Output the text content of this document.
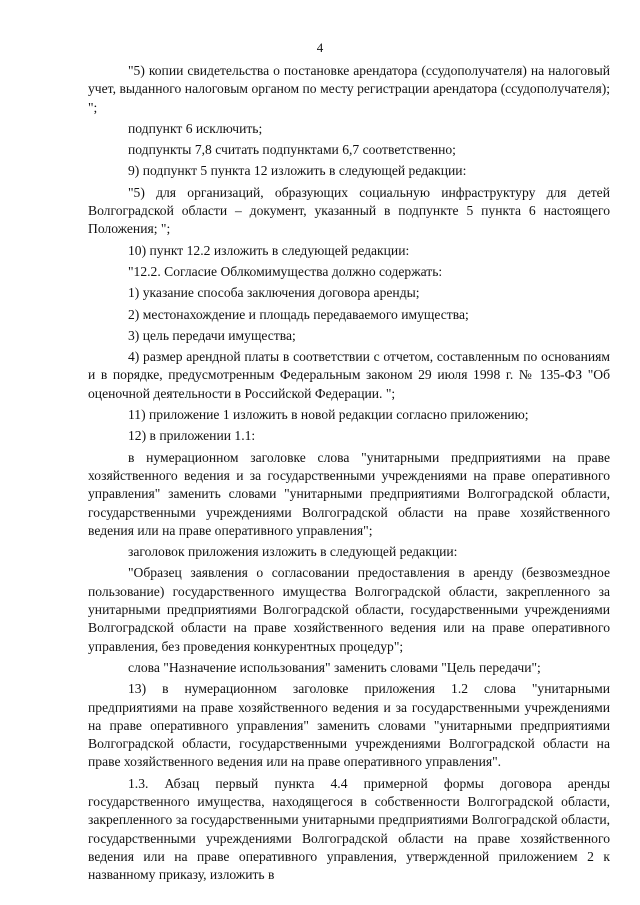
4

"5) копии свидетельства о постановке арендатора (ссудополучателя) на налоговый учет, выданного налоговым органом по месту регистрации арендатора (ссудополучателя); ";

подпункт 6 исключить;

подпункты 7,8 считать подпунктами 6,7 соответственно;

9) подпункт 5 пункта 12 изложить в следующей редакции:

"5) для организаций, образующих социальную инфраструктуру для детей Волгоградской области – документ, указанный в подпункте 5 пункта 6 настоящего Положения; ";

10) пункт 12.2 изложить в следующей редакции:

"12.2. Согласие Облкомимущества должно содержать:

1) указание способа заключения договора аренды;

2) местонахождение и площадь передаваемого имущества;

3) цель передачи имущества;

4) размер арендной платы в соответствии с отчетом, составленным по основаниям и в порядке, предусмотренным Федеральным законом 29 июля 1998 г. № 135-ФЗ "Об оценочной деятельности в Российской Федерации. ";

11) приложение 1 изложить в новой редакции согласно приложению;

12) в приложении 1.1:

в нумерационном заголовке слова "унитарными предприятиями на праве хозяйственного ведения и за государственными учреждениями на праве оперативного управления" заменить словами "унитарными предприятиями Волгоградской области, государственными учреждениями Волгоградской области на праве хозяйственного ведения или на праве оперативного управления";

заголовок приложения изложить в следующей редакции:

"Образец заявления о согласовании предоставления в аренду (безвозмездное пользование) государственного имущества Волгоградской области, закрепленного за унитарными предприятиями Волгоградской области, государственными учреждениями Волгоградской области на праве хозяйственного ведения или на праве оперативного управления, без проведения конкурентных процедур";

слова "Назначение использования" заменить словами "Цель передачи";

13) в нумерационном заголовке приложения 1.2 слова "унитарными предприятиями на праве хозяйственного ведения и за государственными учреждениями на праве оперативного управления" заменить словами "унитарными предприятиями Волгоградской области, государственными учреждениями Волгоградской области на праве хозяйственного ведения или на праве оперативного управления".

1.3. Абзац первый пункта 4.4 примерной формы договора аренды государственного имущества, находящегося в собственности Волгоградской области, закрепленного за государственными унитарными предприятиями Волгоградской области, государственными учреждениями Волгоградской области на праве хозяйственного ведения или на праве оперативного управления, утвержденной приложением 2 к названному приказу, изложить в
